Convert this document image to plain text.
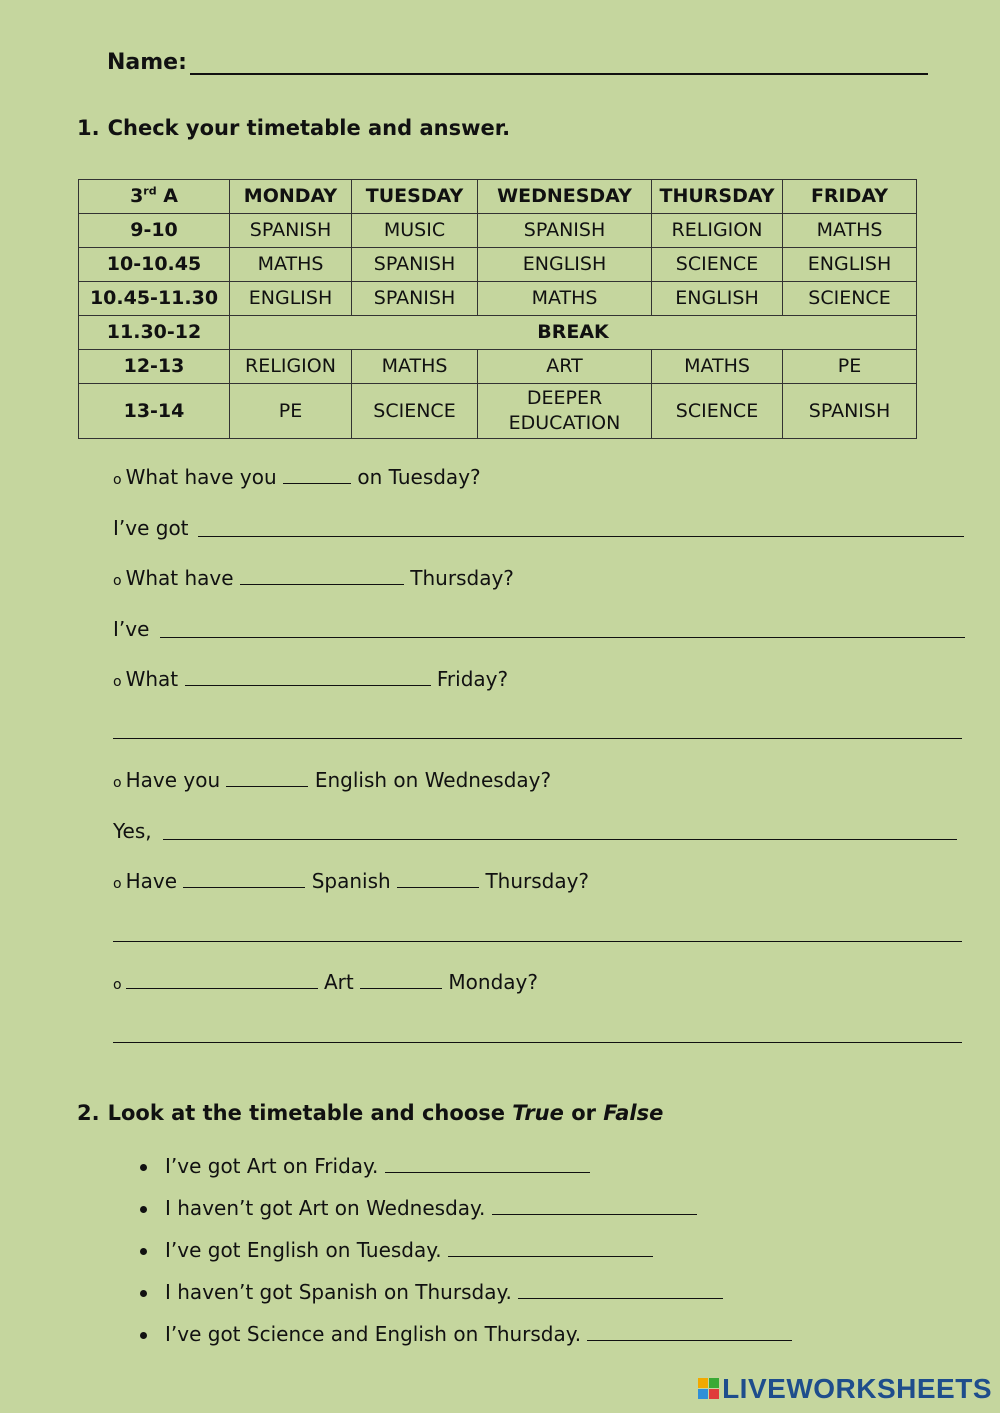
Name:
1. Check your timetable and answer.
3rd A	MONDAY	TUESDAY	WEDNESDAY	THURSDAY	FRIDAY
9-10	SPANISH	MUSIC	SPANISH	RELIGION	MATHS
10-10.45	MATHS	SPANISH	ENGLISH	SCIENCE	ENGLISH
10.45-11.30	ENGLISH	SPANISH	MATHS	ENGLISH	SCIENCE
11.30-12	BREAK				
12-13	RELIGION	MATHS	ART	MATHS	PE
13-14	PE	SCIENCE	DEEPER EDUCATION	SCIENCE	SPANISH
o What have you	on Tuesday?
I’ve got
o What have	Thursday?
I’ve
o What	Friday?
o Have you	English on Wednesday?
Yes,
o Have	Spanish	Thursday?
o	Art	Monday?
2. Look at the timetable and choose True or False
I’ve got Art on Friday.
I haven’t got Art on Wednesday.
I’ve got English on Tuesday.
I haven’t got Spanish on Thursday.
I’ve got Science and English on Thursday.
LIVEWORKSHEETS
